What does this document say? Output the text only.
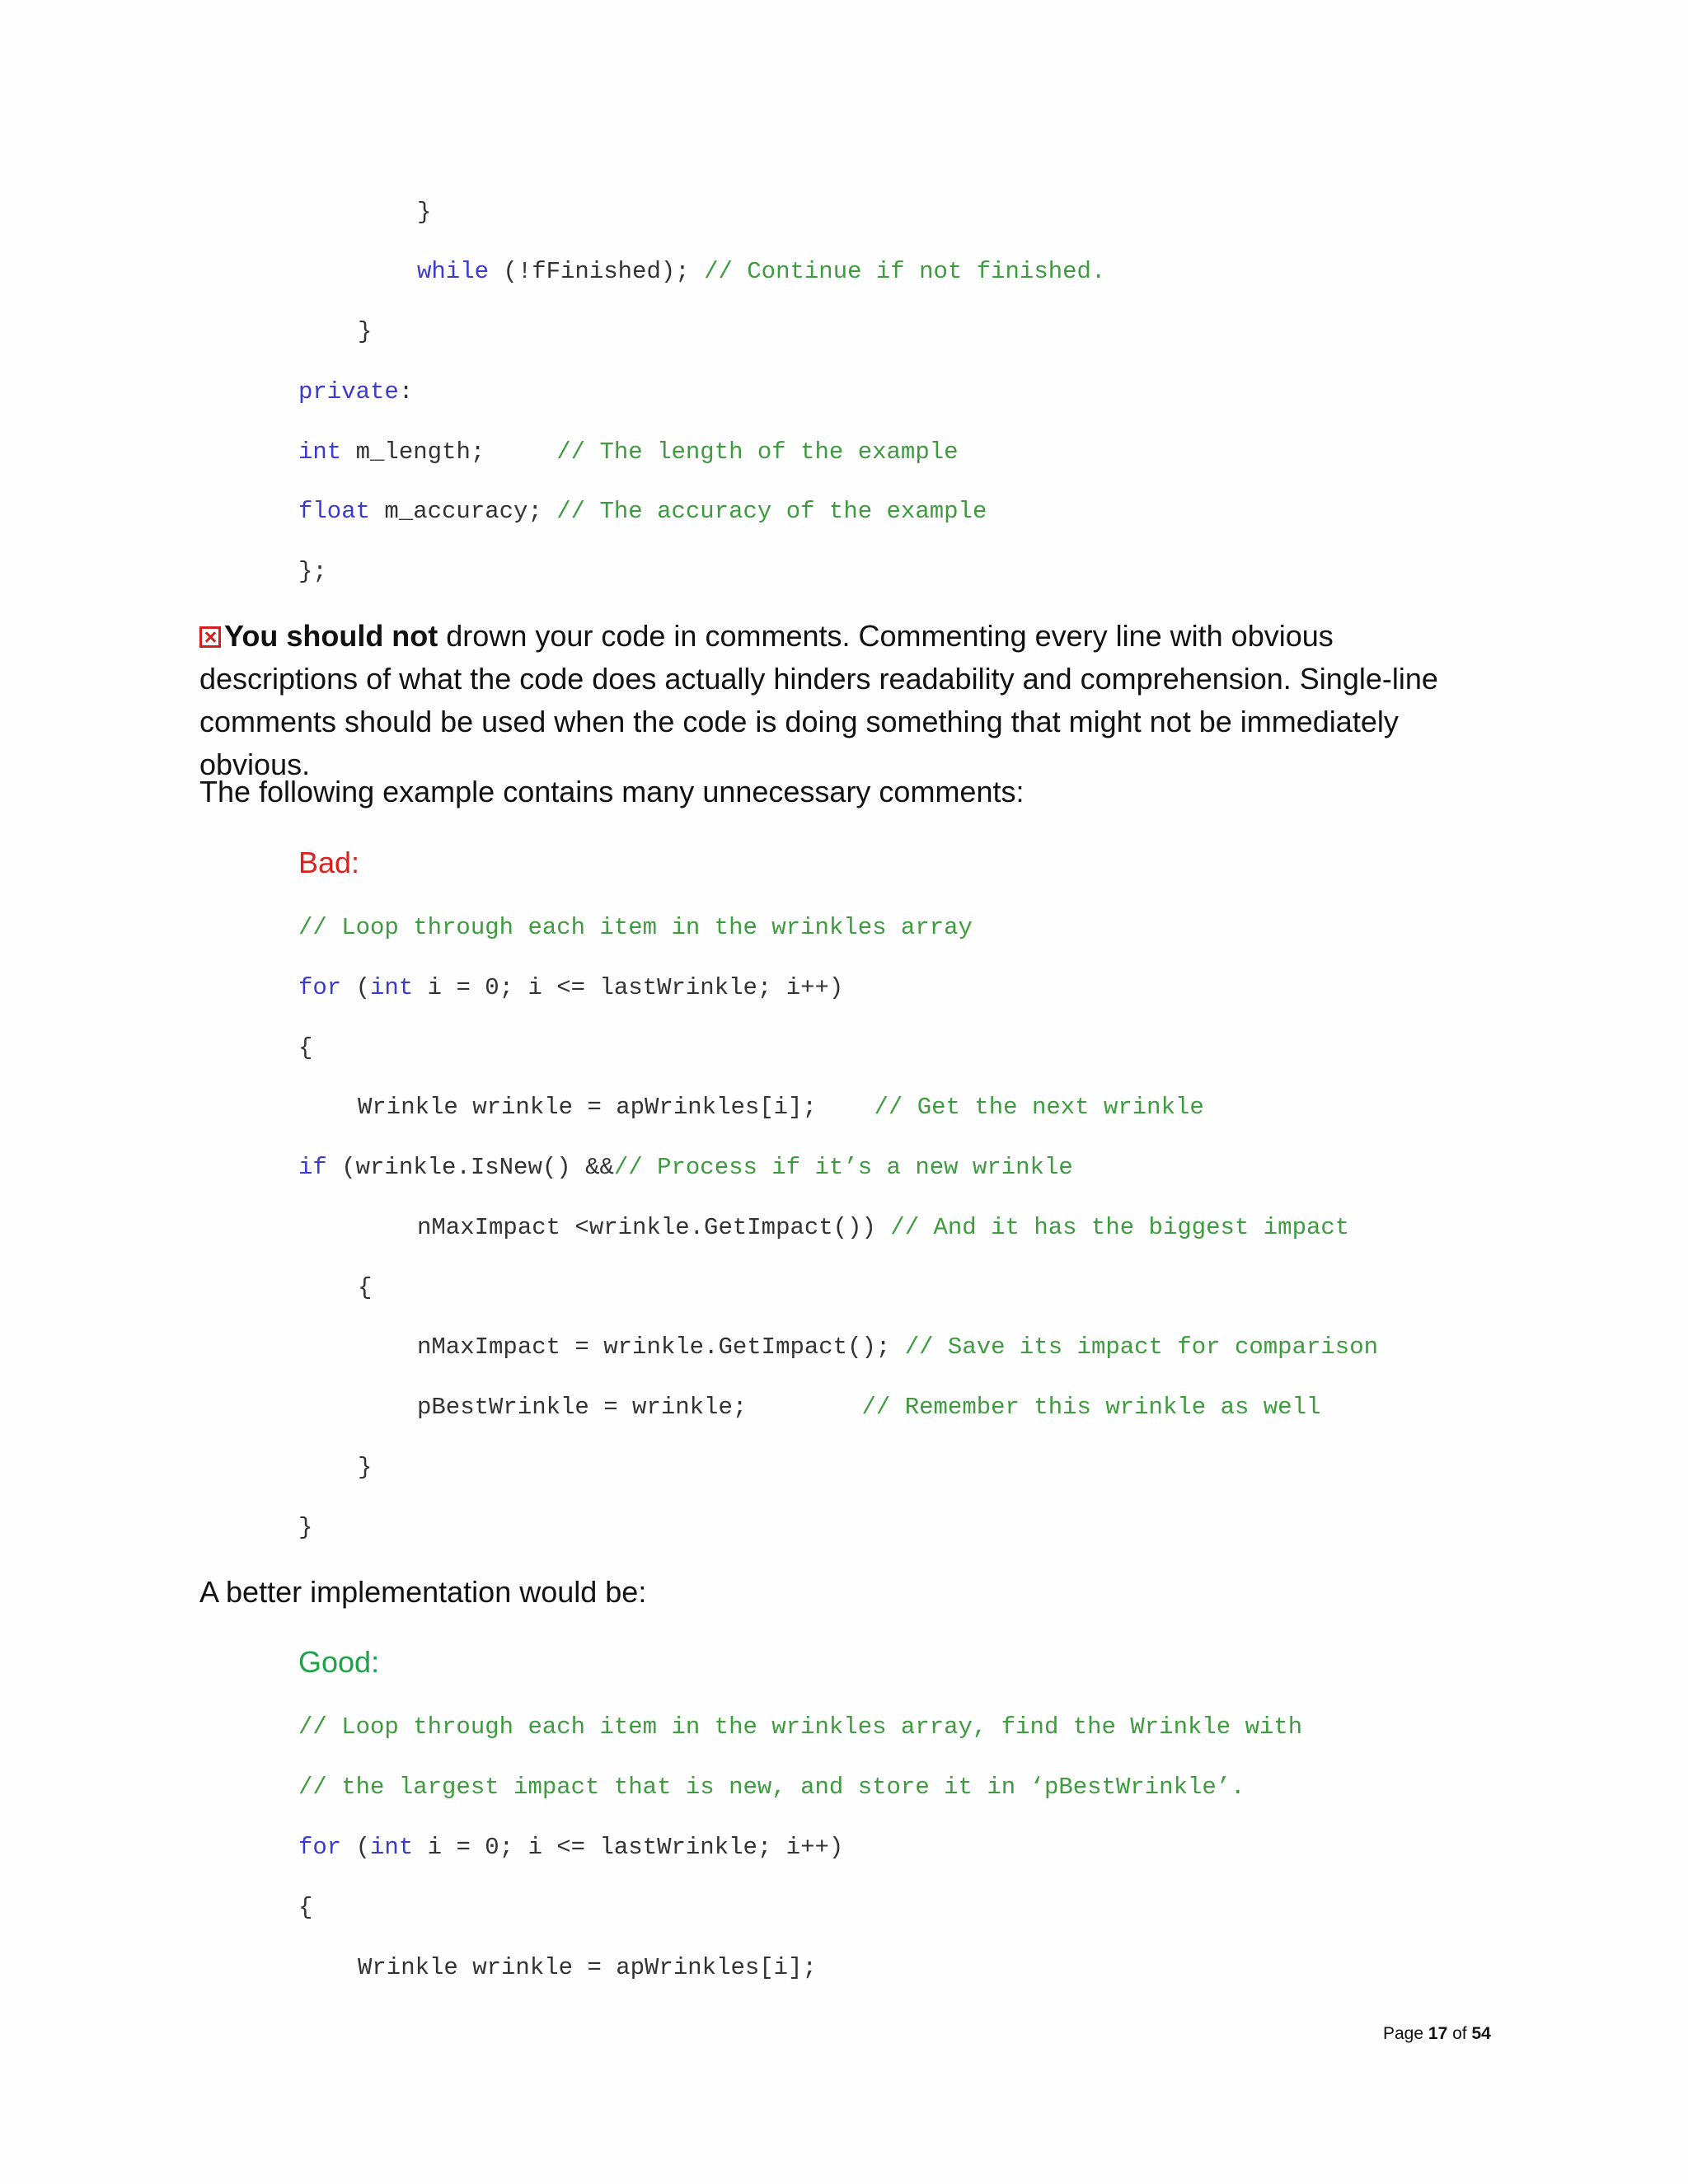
}
while (!fFinished); // Continue if not finished.
}
private:
int m_length;     // The length of the example
float m_accuracy; // The accuracy of the example
};
You should not drown your code in comments. Commenting every line with obvious descriptions of what the code does actually hinders readability and comprehension. Single-line comments should be used when the code is doing something that might not be immediately obvious.
The following example contains many unnecessary comments:
Bad:
// Loop through each item in the wrinkles array
for (int i = 0; i <= lastWrinkle; i++)
{
Wrinkle wrinkle = apWrinkles[i];    // Get the next wrinkle
if (wrinkle.IsNew() &&// Process if it’s a new wrinkle
nMaxImpact <wrinkle.GetImpact()) // And it has the biggest impact
{
nMaxImpact = wrinkle.GetImpact(); // Save its impact for comparison
pBestWrinkle = wrinkle;        // Remember this wrinkle as well
}
}
A better implementation would be:
Good:
// Loop through each item in the wrinkles array, find the Wrinkle with
// the largest impact that is new, and store it in ‘pBestWrinkle’.
for (int i = 0; i <= lastWrinkle; i++)
{
Wrinkle wrinkle = apWrinkles[i];
Page 17 of 54
